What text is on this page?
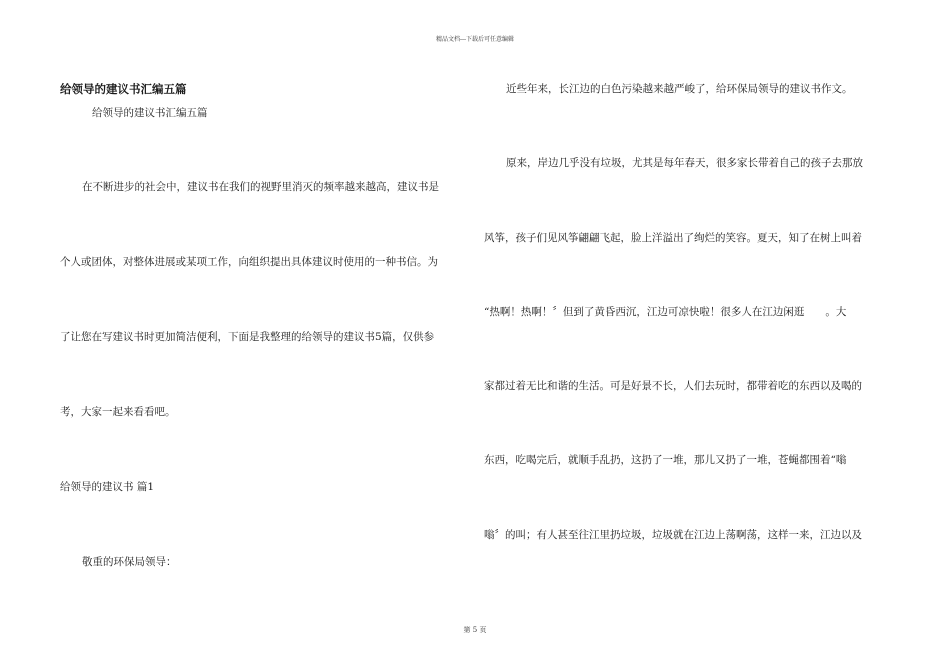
精品文档---下载后可任意编辑
给领导的建议书汇编五篇
给领导的建议书汇编五篇
在不断进步的社会中，建议书在我们的视野里消灭的频率越来越高，建议书是
个人或团体，对整体进展或某项工作，向组织提出具体建议时使用的一种书信。为
了让您在写建议书时更加简洁便利，下面是我整理的给领导的建议书5篇，仅供参
考，大家一起来看看吧。
给领导的建议书 篇1
敬重的环保局领导：
近些年来，长江边的白色污染越来越严峻了，给环保局领导的建议书作文。
原来，岸边几乎没有垃圾，尤其是每年春天，很多家长带着自己的孩子去那放
风筝，孩子们见风筝翩翩飞起，脸上洋溢出了绚烂的笑容。夏天，知了在树上叫着
“热啊！热啊！〞但到了黄昏西沉，江边可凉快啦！很多人在江边闲逛　　。大
家都过着无比和谐的生活。可是好景不长，人们去玩时，都带着吃的东西以及喝的
东西，吃喝完后，就顺手乱扔，这扔了一堆，那儿又扔了一堆，苍蝇都围着“嗡
嗡〞的叫；有人甚至往江里扔垃圾，垃圾就在江边上荡啊荡，这样一来，江边以及
第 5 页
